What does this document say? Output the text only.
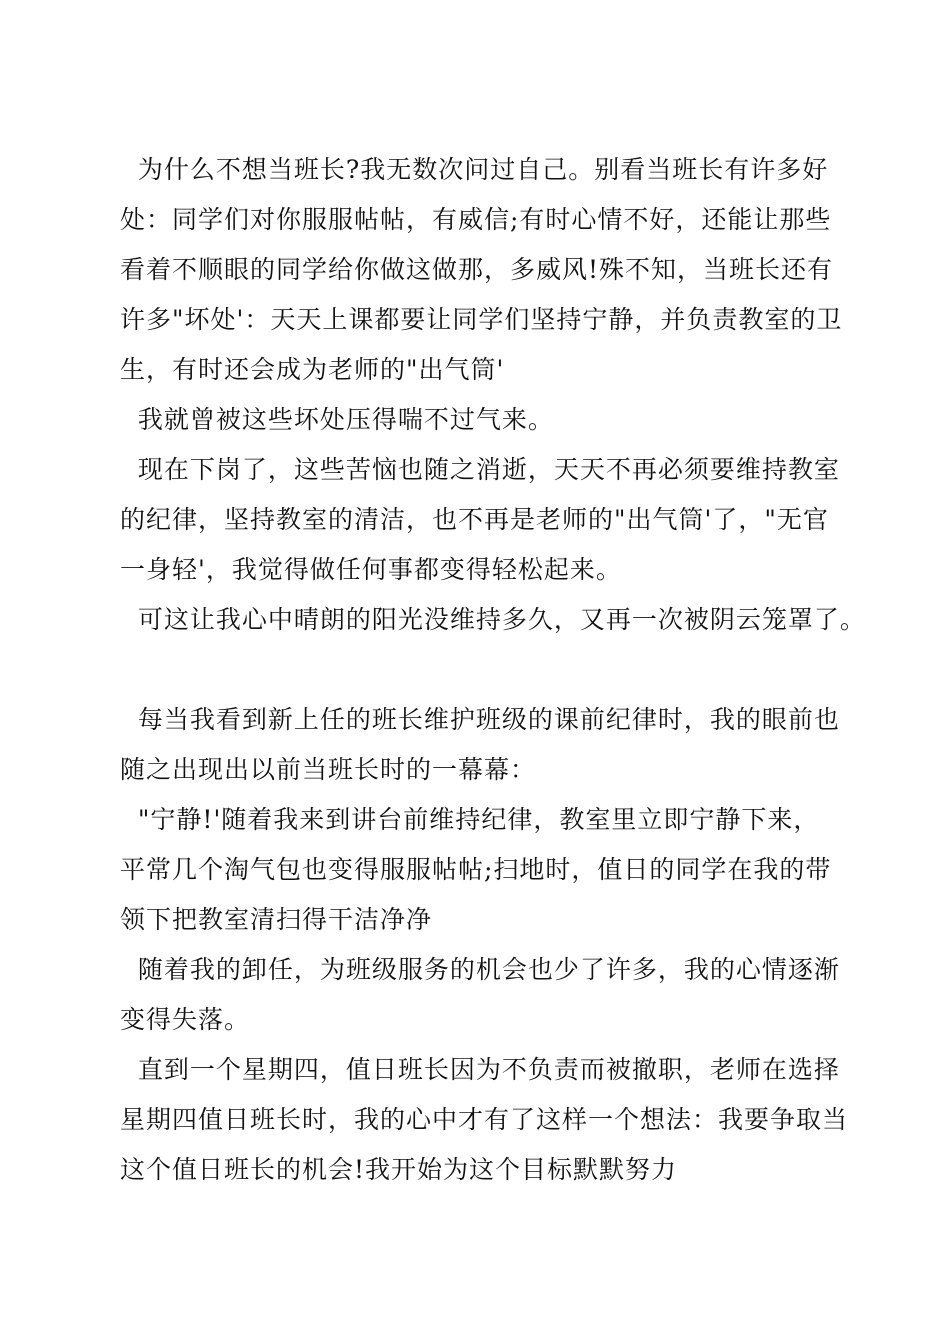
为什么不想当班长?我无数次问过自己。别看当班长有许多好
处：同学们对你服服帖帖，有威信;有时心情不好，还能让那些
看着不顺眼的同学给你做这做那，多威风!殊不知，当班长还有
许多"坏处'：天天上课都要让同学们坚持宁静，并负责教室的卫
生，有时还会成为老师的"出气筒'
我就曾被这些坏处压得喘不过气来。
现在下岗了，这些苦恼也随之消逝，天天不再必须要维持教室
的纪律，坚持教室的清洁，也不再是老师的"出气筒'了，"无官
一身轻'，我觉得做任何事都变得轻松起来。
可这让我心中晴朗的阳光没维持多久，又再一次被阴云笼罩了。
每当我看到新上任的班长维护班级的课前纪律时，我的眼前也
随之出现出以前当班长时的一幕幕：
"宁静!'随着我来到讲台前维持纪律，教室里立即宁静下来，
平常几个淘气包也变得服服帖帖;扫地时，值日的同学在我的带
领下把教室清扫得干洁净净
随着我的卸任，为班级服务的机会也少了许多，我的心情逐渐
变得失落。
直到一个星期四，值日班长因为不负责而被撤职，老师在选择
星期四值日班长时，我的心中才有了这样一个想法：我要争取当
这个值日班长的机会!我开始为这个目标默默努力
